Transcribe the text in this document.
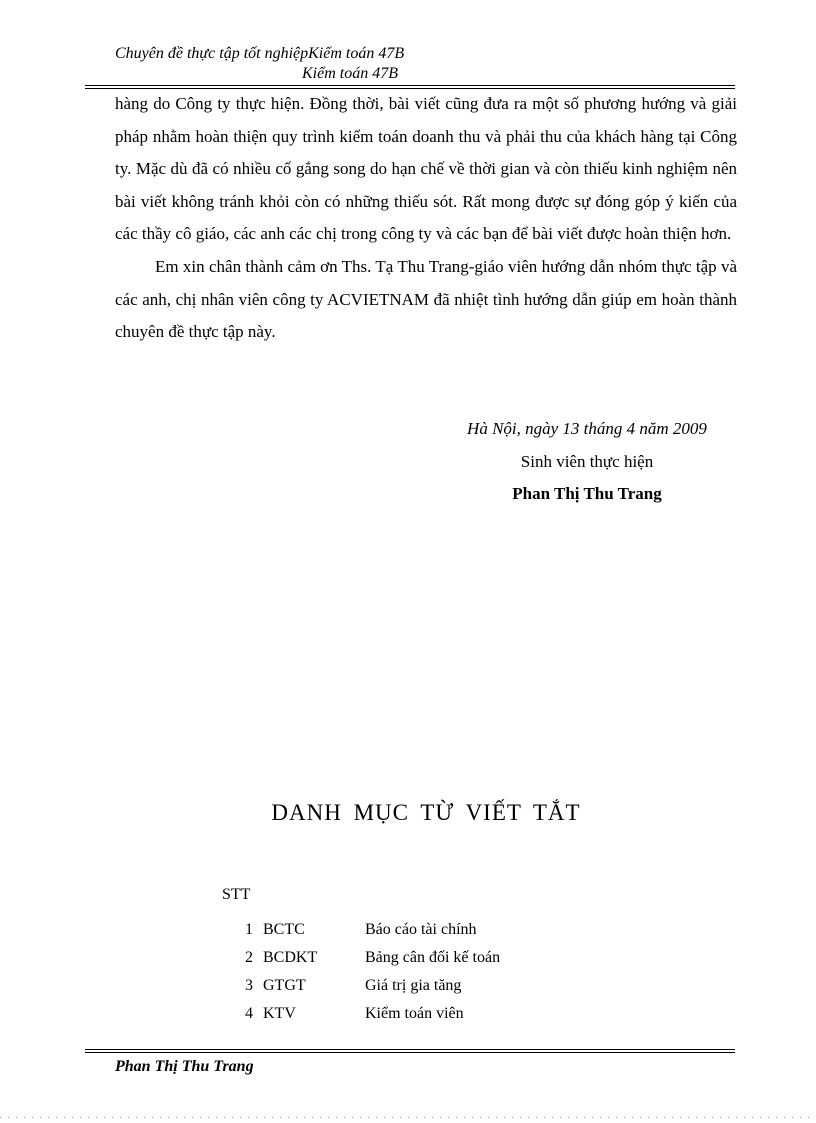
Chuyên đề thực tập tốt nghiệpKiểm toán 47B
Kiểm toán 47B

hàng do Công ty thực hiện. Đồng thời, bài viết cũng đưa ra một số phương hướng và giải pháp nhằm hoàn thiện quy trình kiểm toán doanh thu và phải thu của khách hàng tại Công ty. Mặc dù đã có nhiều cố gắng song do hạn chế về thời gian và còn thiếu kinh nghiệm nên bài viết không tránh khỏi còn có những thiếu sót. Rất mong được sự đóng góp ý kiến của các thầy cô giáo, các anh các chị trong công ty và các bạn để bài viết được hoàn thiện hơn.

Em xin chân thành cảm ơn Ths. Tạ Thu Trang-giáo viên hướng dẫn nhóm thực tập và các anh, chị nhân viên công ty ACVIETNAM đã nhiệt tình hướng dẫn giúp em hoàn thành chuyên đề thực tập này.

Hà Nội, ngày 13 tháng 4 năm 2009
Sinh viên thực hiện
Phan Thị Thu Trang
DANH MỤC TỪ VIẾT TẮT
STT
1 BCTC	Báo cáo tài chính
2 BCDKT	Bảng cân đối kế toán
3 GTGT	Giá trị gia tăng
4 KTV	Kiểm toán viên
Phan Thị Thu Trang
